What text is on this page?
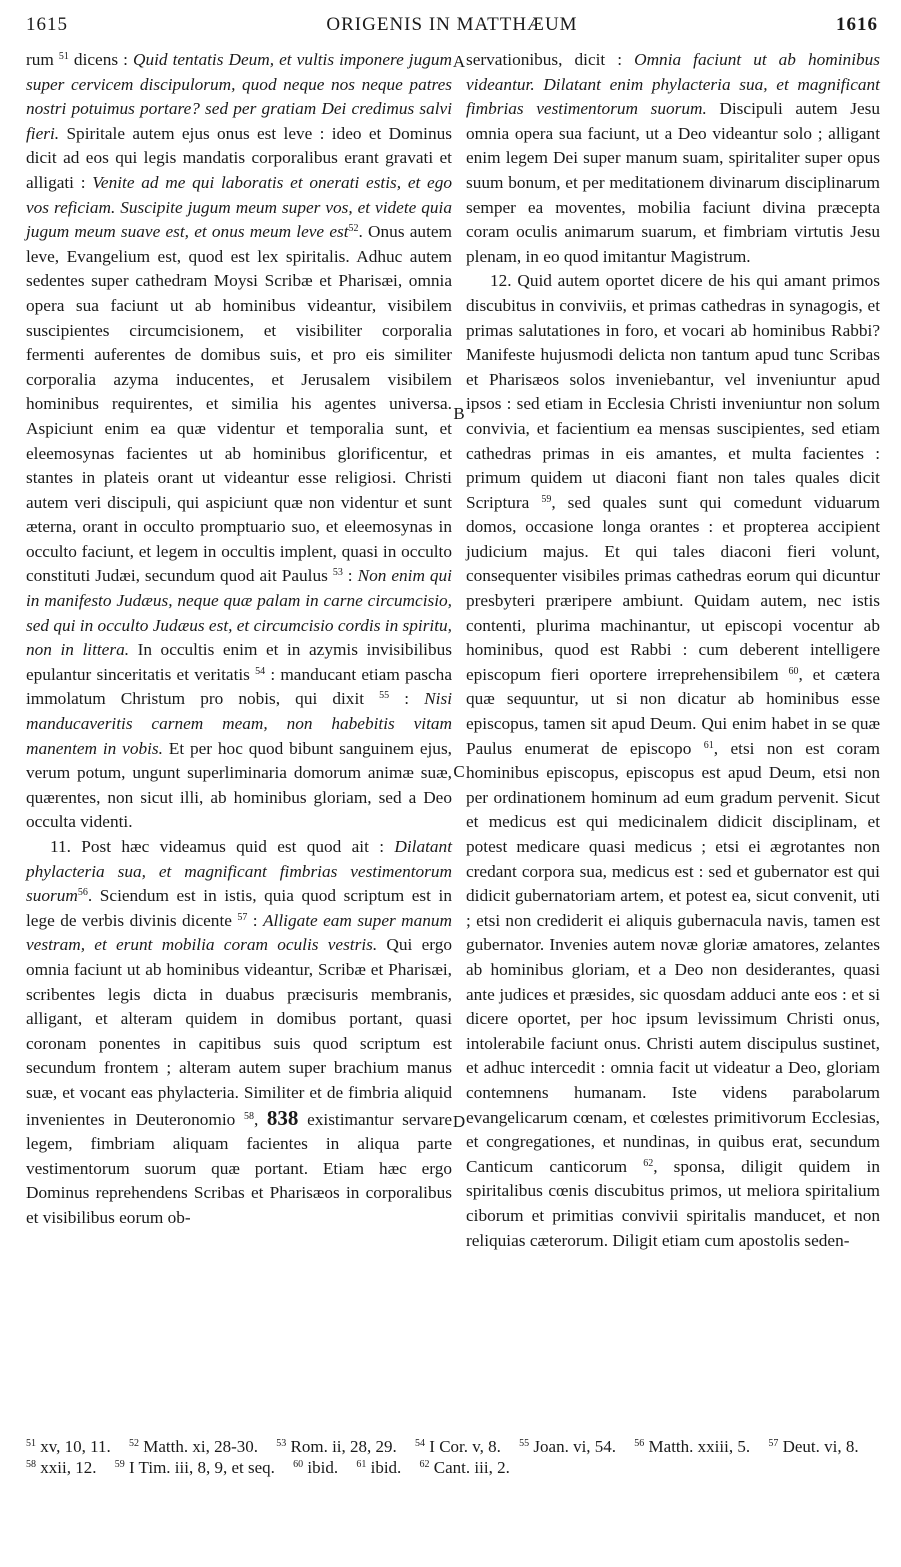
1615	ORIGENIS IN MATTHÆUM	1616

rum $^{51}$ dicens : Quid tentatis Deum, et vultis imponere jugum super cervicem discipulorum, quod neque nos neque patres nostri potuimus portare? sed per gratiam Dei credimus salvi fieri. Spiritale autem ejus onus est leve : ideo et Dominus dicit ad eos qui legis mandatis corporalibus erant gravati et alligati : Venite ad me qui laboratis et onerati estis, et ego vos reficiam. Suscipite jugum meum super vos, et videte quia jugum meum suave est, et onus meum leve est$^{52}$. Onus autem leve, Evangelium est, quod est lex spiritalis. Adhuc autem sedentes super cathedram Moysi Scribæ et Pharisæi, omnia opera sua faciunt ut ab hominibus videantur, visibilem suscipientes circumcisionem, et visibiliter corporalia fermenti auferentes de domibus suis, et pro eis similiter corporalia azyma inducentes, et Jerusalem visibilem hominibus requirentes, et similia his agentes universa. Aspiciunt enim ea quæ videntur et temporalia sunt, et eleemosynas facientes ut ab hominibus glorificentur, et stantes in plateis orant ut videantur esse religiosi. Christi autem veri discipuli, qui aspiciunt quæ non videntur et sunt æterna, orant in occulto promptuario suo, et eleemosynas in occulto faciunt, et legem in occultis implent, quasi in occulto constituti Judæi, secundum quod ait Paulus $^{53}$ : Non enim qui in manifesto Judæus, neque quæ palam in carne circumcisio, sed qui in occulto Judæus est, et circumcisio cordis in spiritu, non in littera. In occultis enim et in azymis invisibilibus epulantur sinceritatis et veritatis $^{54}$ : manducant etiam pascha immolatum Christum pro nobis, qui dixit $^{55}$ : Nisi manducaveritis carnem meam, non habebitis vitam manentem in vobis. Et per hoc quod bibunt sanguinem ejus, verum potum, ungunt superliminaria domorum animæ suæ, quærentes, non sicut illi, ab hominibus gloriam, sed a Deo occulta videnti.

11. Post hæc videamus quid est quod ait : Dilatant phylacteria sua, et magnificant fimbrias vestimentorum suorum$^{56}$. Sciendum est in istis, quia quod scriptum est in lege de verbis divinis dicente $^{57}$ : Alligate eam super manum vestram, et erunt mobilia coram oculis vestris. Qui ergo omnia faciunt ut ab hominibus videantur, Scribæ et Pharisæi, scribentes legis dicta in duabus præcisuris membranis, alligant, et alteram quidem in domibus portant, quasi coronam ponentes in capitibus suis quod scriptum est secundum frontem ; alteram autem super brachium manus suæ, et vocant eas phylacteria. Similiter et de fimbria aliquid invenientes in Deuteronomio $^{58}$, 838 existimantur servare legem, fimbriam aliquam facientes in aliqua parte vestimentorum suorum quæ portant. Etiam hæc ergo Dominus reprehendens Scribas et Pharisæos in corporalibus et visibilibus eorum ob-

A
B
C
D

servationibus, dicit : Omnia faciunt ut ab hominibus videantur. Dilatant enim phylacteria sua, et magnificant fimbrias vestimentorum suorum. Discipuli autem Jesu omnia opera sua faciunt, ut a Deo videantur solo ; alligant enim legem Dei super manum suam, spiritaliter super opus suum bonum, et per meditationem divinarum disciplinarum semper ea moventes, mobilia faciunt divina præcepta coram oculis animarum suarum, et fimbriam virtutis Jesu plenam, in eo quod imitantur Magistrum.

12. Quid autem oportet dicere de his qui amant primos discubitus in conviviis, et primas cathedras in synagogis, et primas salutationes in foro, et vocari ab hominibus Rabbi? Manifeste hujusmodi delicta non tantum apud tunc Scribas et Pharisæos solos inveniebantur, vel inveniuntur apud ipsos : sed etiam in Ecclesia Christi inveniuntur non solum convivia, et facientium ea mensas suscipientes, sed etiam cathedras primas in eis amantes, et multa facientes : primum quidem ut diaconi fiant non tales quales dicit Scriptura $^{59}$, sed quales sunt qui comedunt viduarum domos, occasione longa orantes : et propterea accipient judicium majus. Et qui tales diaconi fieri volunt, consequenter visibiles primas cathedras eorum qui dicuntur presbyteri præripere ambiunt. Quidam autem, nec istis contenti, plurima machinantur, ut episcopi vocentur ab hominibus, quod est Rabbi : cum deberent intelligere episcopum fieri oportere irreprehensibilem $^{60}$, et cætera quæ sequuntur, ut si non dicatur ab hominibus esse episcopus, tamen sit apud Deum. Qui enim habet in se quæ Paulus enumerat de episcopo $^{61}$, etsi non est coram hominibus episcopus, episcopus est apud Deum, etsi non per ordinationem hominum ad eum gradum pervenit. Sicut et medicus est qui medicinalem didicit disciplinam, et potest medicare quasi medicus ; etsi ei ægrotantes non credant corpora sua, medicus est : sed et gubernator est qui didicit gubernatoriam artem, et potest ea, sicut convenit, uti ; etsi non crediderit ei aliquis gubernacula navis, tamen est gubernator. Invenies autem novæ gloriæ amatores, zelantes ab hominibus gloriam, et a Deo non desiderantes, quasi ante judices et præsides, sic quosdam adduci ante eos : et si dicere oportet, per hoc ipsum levissimum Christi onus, intolerabile faciunt onus. Christi autem discipulus sustinet, et adhuc intercedit : omnia facit ut videatur a Deo, gloriam contemnens humanam. Iste videns parabolarum evangelicarum cœnam, et cœlestes primitivorum Ecclesias, et congregationes, et nundinas, in quibus erat, secundum Canticum canticorum $^{62}$, sponsa, diligit quidem in spiritalibus cœnis discubitus primos, ut meliora spiritalium ciborum et primitias convivii spiritalis manducet, et non reliquias cæterorum. Diligit etiam cum apostolis seden-

$^{51}$ xv, 10, 11. $^{52}$ Matth. xi, 28-30. $^{53}$ Rom. ii, 28, 29. $^{54}$ I Cor. v, 8. $^{55}$ Joan. vi, 54. $^{56}$ Matth. xxiii, 5. $^{57}$ Deut. vi, 8. $^{58}$ xxii, 12. $^{59}$ I Tim. iii, 8, 9, et seq. $^{60}$ ibid. $^{61}$ ibid. $^{62}$ Cant. iii, 2.
